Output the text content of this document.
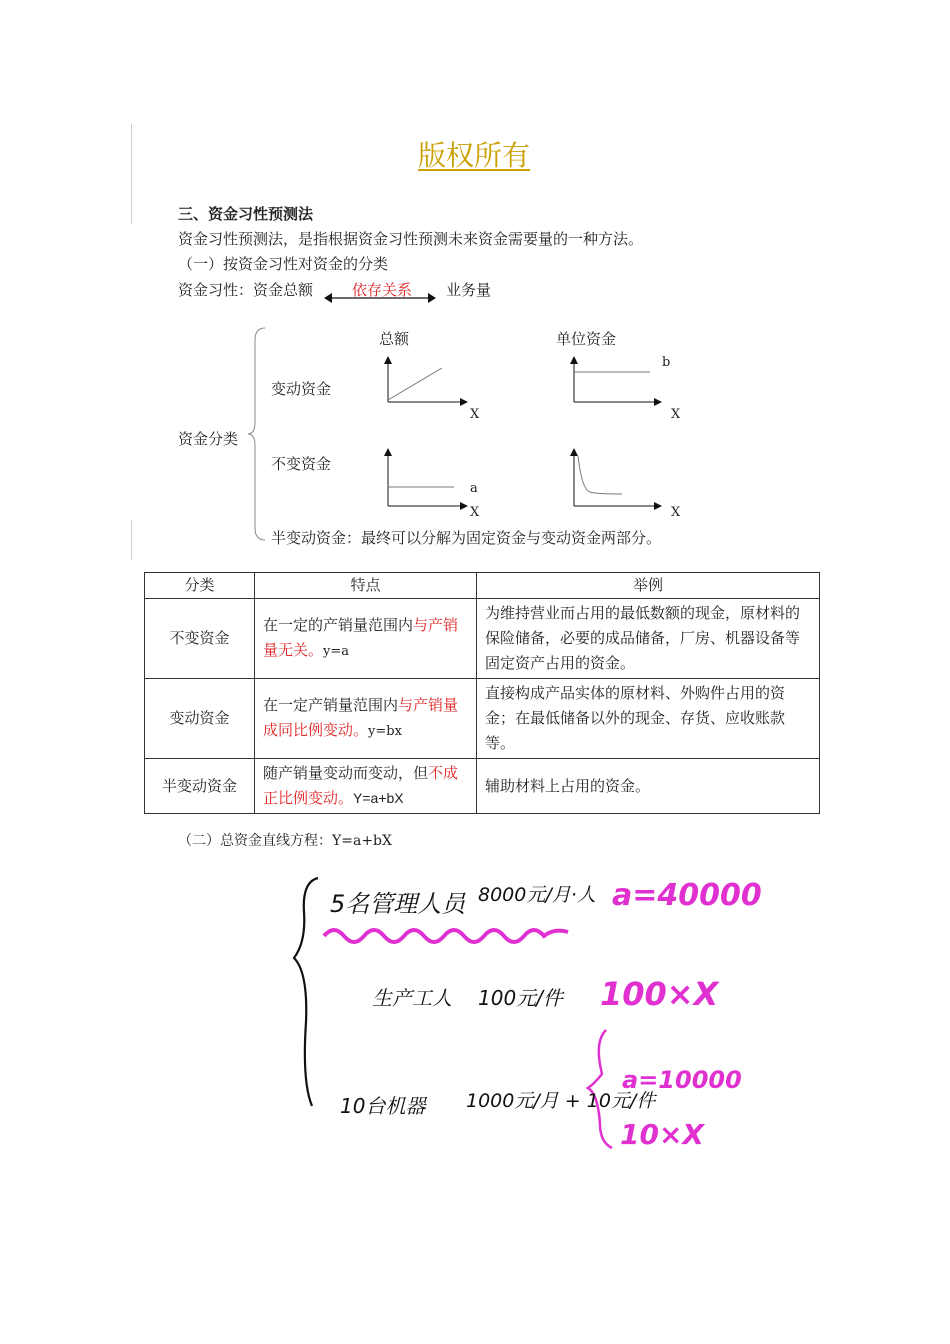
版权所有
三、资金习性预测法
资金习性预测法，是指根据资金习性预测未来资金需要量的一种方法。
（一）按资金习性对资金的分类
资金习性：资金总额	依存关系 业务量
资金分类
变动资金
不变资金
总额	单位资金
X
b
X
a
X	X
半变动资金：最终可以分解为固定资金与变动资金两部分。
分类	特点	举例
不变资金	在一定的产销量范围内与产销量无关。y=a	为维持营业而占用的最低数额的现金，原材料的保险储备，必要的成品储备，厂房、机器设备等固定资产占用的资金。
变动资金	在一定产销量范围内与产销量成同比例变动。y=bx	直接构成产品实体的原材料、外购件占用的资金；在最低储备以外的现金、存货、应收账款等。
半变动资金	随产销量变动而变动，但不成正比例变动。Y=a+bX	辅助材料上占用的资金。
（二）总资金直线方程：Y=a+bX
5名管理人员 8000元/月·人 a=40000
生产工人 100元/件 100×X
10台机器 1000元/月 + 10元/件
a=10000
10×X
